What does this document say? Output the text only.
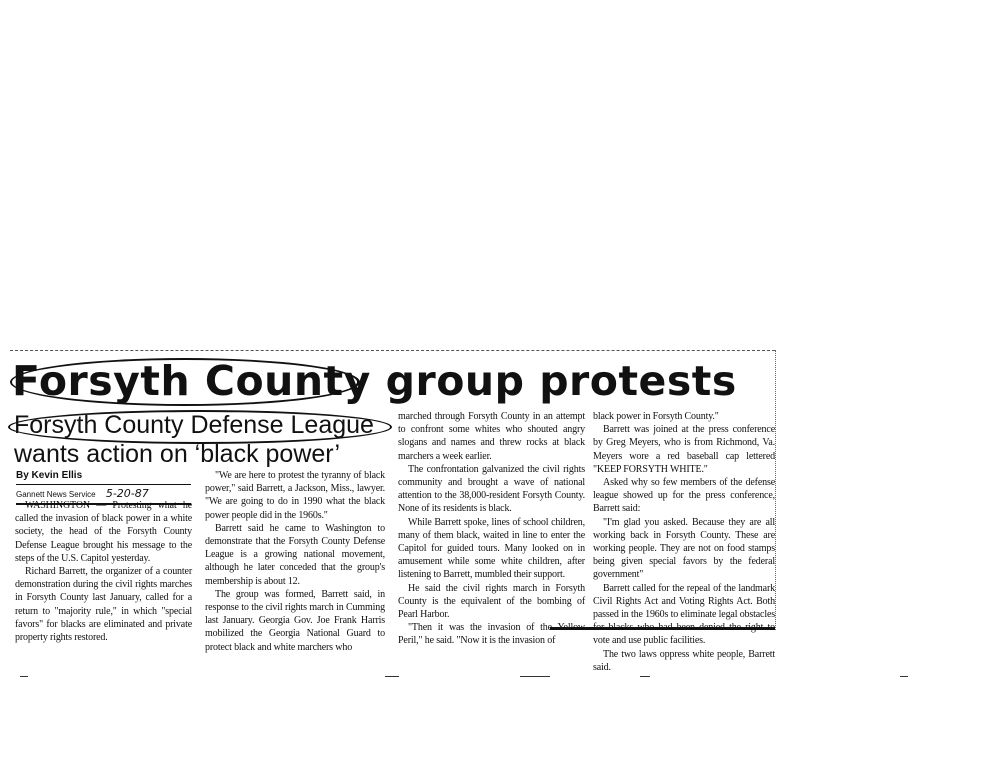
Forsyth County group protests
Forsyth County Defense League
wants action on ‘black power’
By Kevin Ellis
Gannett News Service 5-20-87

WASHINGTON — Protesting what he called the invasion of black power in a white society, the head of the Forsyth County Defense League brought his message to the steps of the U.S. Capitol yesterday.

Richard Barrett, the organizer of a counter demonstration during the civil rights marches in Forsyth County last January, called for a return to "majority rule," in which "special favors" for blacks are eliminated and private property rights restored.

"We are here to protest the tyranny of black power," said Barrett, a Jackson, Miss., lawyer. "We are going to do in 1990 what the black power people did in the 1960s."

Barrett said he came to Washington to demonstrate that the Forsyth County Defense League is a growing national movement, although he later conceded that the group's membership is about 12.

The group was formed, Barrett said, in response to the civil rights march in Cumming last January. Georgia Gov. Joe Frank Harris mobilized the Georgia National Guard to protect black and white marchers who

marched through Forsyth County in an attempt to confront some whites who shouted angry slogans and names and threw rocks at black marchers a week earlier.

The confrontation galvanized the civil rights community and brought a wave of national attention to the 38,000-resident Forsyth County. None of its residents is black.

While Barrett spoke, lines of school children, many of them black, waited in line to enter the Capitol for guided tours. Many looked on in amusement while some white children, after listening to Barrett, mumbled their support.

He said the civil rights march in Forsyth County is the equivalent of the bombing of Pearl Harbor.

"Then it was the invasion of the Yellow Peril," he said. "Now it is the invasion of

black power in Forsyth County."

Barrett was joined at the press conference by Greg Meyers, who is from Richmond, Va. Meyers wore a red baseball cap lettered "KEEP FORSYTH WHITE."

Asked why so few members of the defense league showed up for the press conference, Barrett said:

"I'm glad you asked. Because they are all working back in Forsyth County. These are working people. They are not on food stamps being given special favors by the federal government"

Barrett called for the repeal of the landmark Civil Rights Act and Voting Rights Act. Both passed in the 1960s to eliminate legal obstacles for blacks who had been denied the right to vote and use public facilities.

The two laws oppress white people, Barrett said.
